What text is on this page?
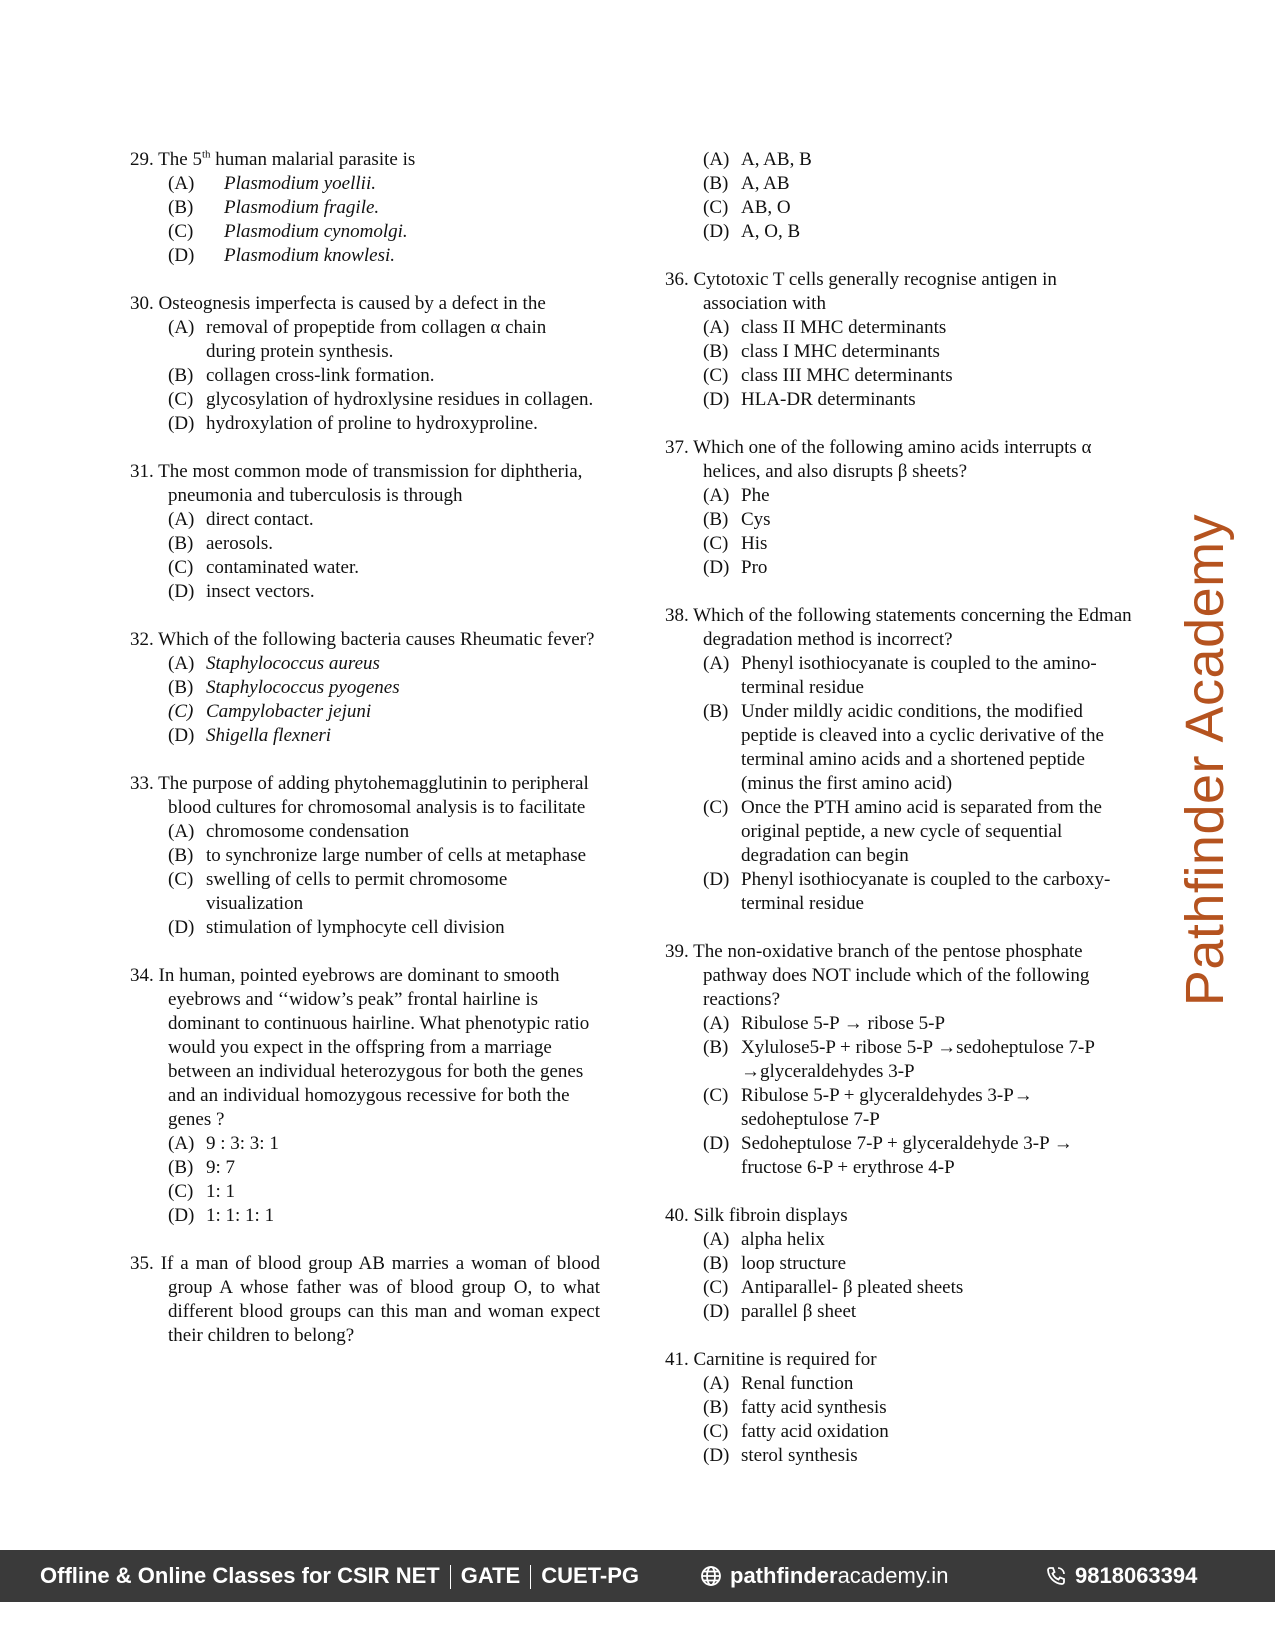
29. The 5th human malarial parasite is
(A)	Plasmodium yoellii.
(B)	Plasmodium fragile.
(C)	Plasmodium cynomolgi.
(D)	Plasmodium knowlesi.
30. Osteognesis imperfecta is caused by a defect in the
(A) removal of propeptide from collagen α chain during protein synthesis.
(B) collagen cross-link formation.
(C) glycosylation of hydroxlysine residues in collagen.
(D) hydroxylation of proline to hydroxyproline.
31. The most common mode of transmission for diphtheria, pneumonia and tuberculosis is through
(A) direct contact.
(B) aerosols.
(C) contaminated water.
(D) insect vectors.
32. Which of the following bacteria causes Rheumatic fever?
(A) Staphylococcus aureus
(B) Staphylococcus pyogenes
(C) Campylobacter jejuni
(D) Shigella flexneri
33. The purpose of adding phytohemagglutinin to peripheral blood cultures for chromosomal analysis is to facilitate
(A) chromosome condensation
(B) to synchronize large number of cells at metaphase
(C) swelling of cells to permit chromosome visualization
(D) stimulation of lymphocyte cell division
34. In human, pointed eyebrows are dominant to smooth
eyebrows and ‘‘widow’s peak” frontal hairline is dominant to continuous hairline. What phenotypic ratio would you expect in the offspring from a marriage between an individual heterozygous for both the genes and an individual homozygous recessive for both the genes ?
(A) 9 : 3: 3: 1
(B) 9: 7
(C) 1: 1
(D) 1: 1: 1: 1
35. If a man of blood group AB marries a woman of blood group A whose father was of blood group O, to what different blood groups can this man and woman expect their children to belong?
(A) A, AB, B
(B) A, AB
(C) AB, O
(D) A, O, B
36. Cytotoxic T cells generally recognise antigen in association with
(A) class II MHC determinants
(B) class I MHC determinants
(C) class III MHC determinants
(D) HLA-DR determinants
37. Which one of the following amino acids interrupts α helices, and also disrupts β sheets?
(A) Phe
(B) Cys
(C) His
(D) Pro
38. Which of the following statements concerning the Edman degradation method is incorrect?
(A) Phenyl isothiocyanate is coupled to the amino-terminal residue
(B) Under mildly acidic conditions, the modified peptide is cleaved into a cyclic derivative of the terminal amino acids and a shortened peptide (minus the first amino acid)
(C) Once the PTH amino acid is separated from the original peptide, a new cycle of sequential degradation can begin
(D) Phenyl isothiocyanate is coupled to the carboxy-terminal residue
39. The non-oxidative branch of the pentose phosphate pathway does NOT include which of the following reactions?
(A) Ribulose 5-P → ribose 5-P
(B) Xylulose5-P + ribose 5-P →sedoheptulose 7-P →glyceraldehydes 3-P
(C) Ribulose 5-P + glyceraldehydes 3-P→ sedoheptulose 7-P
(D) Sedoheptulose 7-P + glyceraldehyde 3-P → fructose 6-P + erythrose 4-P
40. Silk fibroin displays
(A) alpha helix
(B) loop structure
(C) Antiparallel- β pleated sheets
(D) parallel β sheet
41. Carnitine is required for
(A) Renal function
(B) fatty acid synthesis
(C) fatty acid oxidation
(D) sterol synthesis
Pathfinder Academy
Offline & Online Classes for CSIR NET GATE CUET-PG	pathfinderacademy.in	9818063394
